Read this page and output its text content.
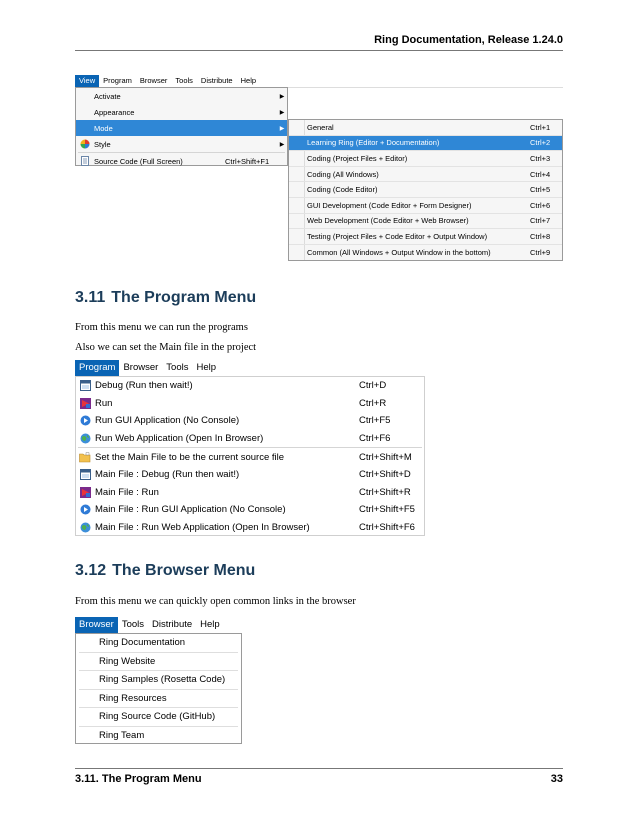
Ring Documentation, Release 1.24.0
View	Program	Browser	Tools	Distribute	Help
Activate	▶
Appearance	▶
Mode	▶
Style	▶
Source Code (Full Screen)	Ctrl+Shift+F1
General	Ctrl+1
Learning Ring (Editor + Documentation)	Ctrl+2
Coding (Project Files + Editor)	Ctrl+3
Coding (All Windows)	Ctrl+4
Coding (Code Editor)	Ctrl+5
GUI Development (Code Editor + Form Designer)	Ctrl+6
Web Development (Code Editor + Web Browser)	Ctrl+7
Testing (Project Files + Code Editor + Output Window)	Ctrl+8
Common (All Windows + Output Window in the bottom)	Ctrl+9
3.11 The Program Menu
From this menu we can run the programs
Also we can set the Main file in the project
Program Browser Tools Help
Debug (Run then wait!)	Ctrl+D
Run	Ctrl+R
Run GUI Application (No Console)	Ctrl+F5
Run Web Application (Open In Browser)	Ctrl+F6
Set the Main File to be the current source file	Ctrl+Shift+M
Main File : Debug (Run then wait!)	Ctrl+Shift+D
Main File : Run	Ctrl+Shift+R
Main File : Run GUI Application (No Console)	Ctrl+Shift+F5
Main File : Run Web Application (Open In Browser)	Ctrl+Shift+F6
3.12 The Browser Menu
From this menu we can quickly open common links in the browser
Browser Tools Distribute Help
Ring Documentation
Ring Website
Ring Samples (Rosetta Code)
Ring Resources
Ring Source Code (GitHub)
Ring Team
3.11. The Program Menu	33
